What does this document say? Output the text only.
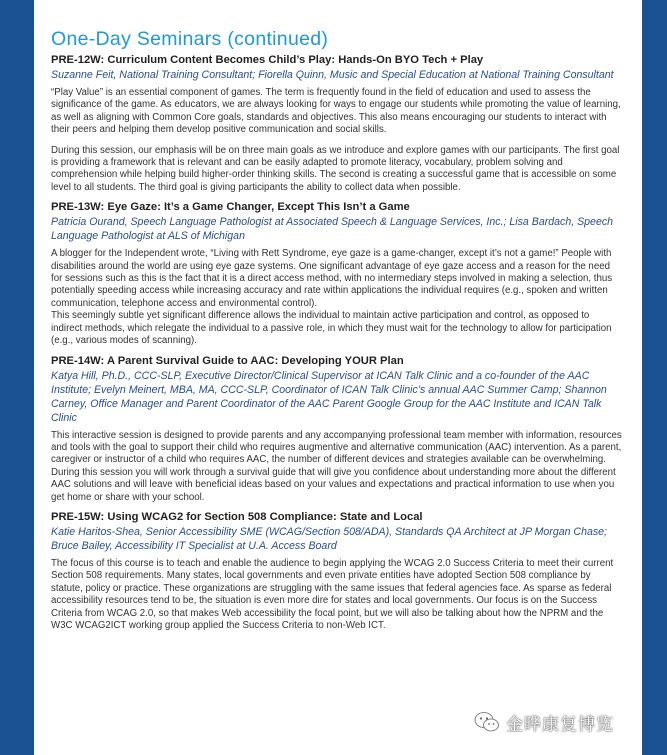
One-Day Seminars (continued)

PRE-12W: Curriculum Content Becomes Child’s Play: Hands-On BYO Tech + Play

Suzanne Feit, National Training Consultant; Fiorella Quinn, Music and Special Education at National Training Consultant

“Play Value” is an essential component of games. The term is frequently found in the field of education and used to assess the significance of the game. As educators, we are always looking for ways to engage our students while promoting the value of learning, as well as aligning with Common Core goals, standards and objectives. This also means encouraging our students to interact with their peers and helping them develop positive communication and social skills.

During this session, our emphasis will be on three main goals as we introduce and explore games with our participants. The first goal is providing a framework that is relevant and can be easily adapted to promote literacy, vocabulary, problem solving and comprehension while helping build higher-order thinking skills. The second is creating a successful game that is accessible on some level to all students. The third goal is giving participants the ability to collect data when possible.

PRE-13W: Eye Gaze: It’s a Game Changer, Except This Isn’t a Game

Patricia Ourand, Speech Language Pathologist at Associated Speech & Language Services, Inc.; Lisa Bardach, Speech Language Pathologist at ALS of Michigan

A blogger for the Independent wrote, “Living with Rett Syndrome, eye gaze is a game-changer, except it’s not a game!” People with disabilities around the world are using eye gaze systems. One significant advantage of eye gaze access and a reason for the need for sessions such as this is the fact that it is a direct access method, with no intermediary steps involved in making a selection, thus potentially speeding access while increasing accuracy and rate within applications the individual requires (e.g., spoken and written communication, telephone access and environmental control).

This seemingly subtle yet significant difference allows the individual to maintain active participation and control, as opposed to indirect methods, which relegate the individual to a passive role, in which they must wait for the technology to allow for participation (e.g., various modes of scanning).

PRE-14W: A Parent Survival Guide to AAC: Developing YOUR Plan

Katya Hill, Ph.D., CCC-SLP, Executive Director/Clinical Supervisor at ICAN Talk Clinic and a co-founder of the AAC Institute; Evelyn Meinert, MBA, MA, CCC-SLP, Coordinator of ICAN Talk Clinic’s annual AAC Summer Camp; Shannon Carney, Office Manager and Parent Coordinator of the AAC Parent Google Group for the AAC Institute and ICAN Talk Clinic

This interactive session is designed to provide parents and any accompanying professional team member with information, resources and tools with the goal to support their child who requires augmentive and alternative communication (AAC) intervention. As a parent, caregiver or instructor of a child who requires AAC, the number of different devices and strategies available can be overwhelming. During this session you will work through a survival guide that will give you confidence about understanding more about the different AAC solutions and will leave with beneficial ideas based on your values and expectations and practical information to use when you get home or share with your school.

PRE-15W: Using WCAG2 for Section 508 Compliance: State and Local

Katie Haritos-Shea, Senior Accessibility SME (WCAG/Section 508/ADA), Standards QA Architect at JP Morgan Chase; Bruce Bailey, Accessibility IT Specialist at U.A. Access Board

The focus of this course is to teach and enable the audience to begin applying the WCAG 2.0 Success Criteria to meet their current Section 508 requirements. Many states, local governments and even private entities have adopted Section 508 compliance by statute, policy or practice. These organizations are struggling with the same issues that federal agencies face. As sparse as federal accessibility resources tend to be, the situation is even more dire for states and local governments. Our focus is on the Success Criteria from WCAG 2.0, so that makes Web accessibility the focal point, but we will also be talking about how the NPRM and the W3C WCAG2ICT working group applied the Success Criteria to non-Web ICT.

金晔康复博览
